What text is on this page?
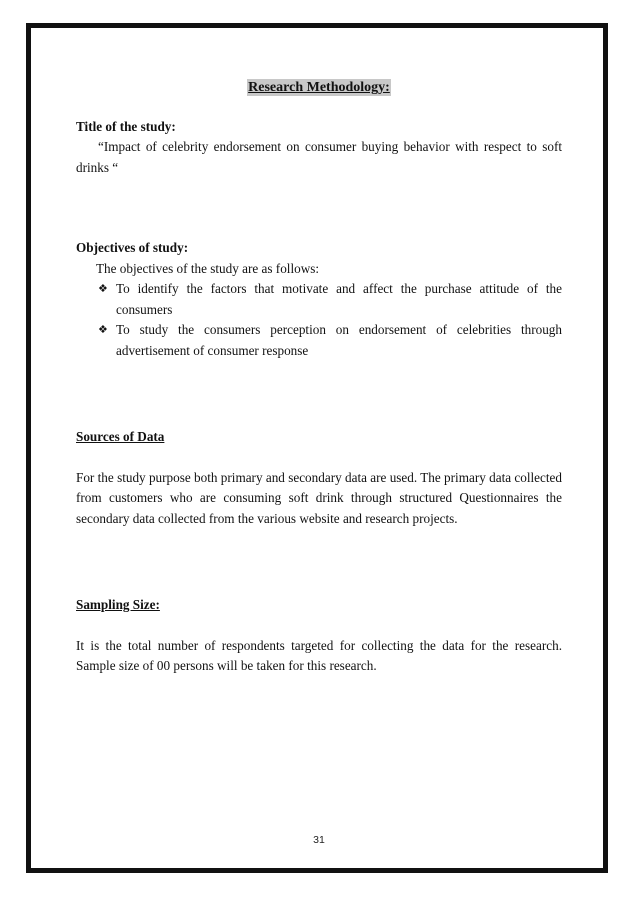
Research Methodology:

Title of the study:

“Impact of celebrity endorsement on consumer buying behavior with respect to soft drinks “

Objectives of study:

The objectives of the study are as follows:

❖ To identify the factors that motivate and affect the purchase attitude of the consumers
❖ To study the consumers perception on endorsement of celebrities through advertisement of consumer response

Sources of Data

For the study purpose both primary and secondary data are used. The primary data collected from customers who are consuming soft drink through structured Questionnaires the secondary data collected from the various website and research projects.

Sampling Size:

It is the total number of respondents targeted for collecting the data for the research. Sample size of 00 persons will be taken for this research.

31
